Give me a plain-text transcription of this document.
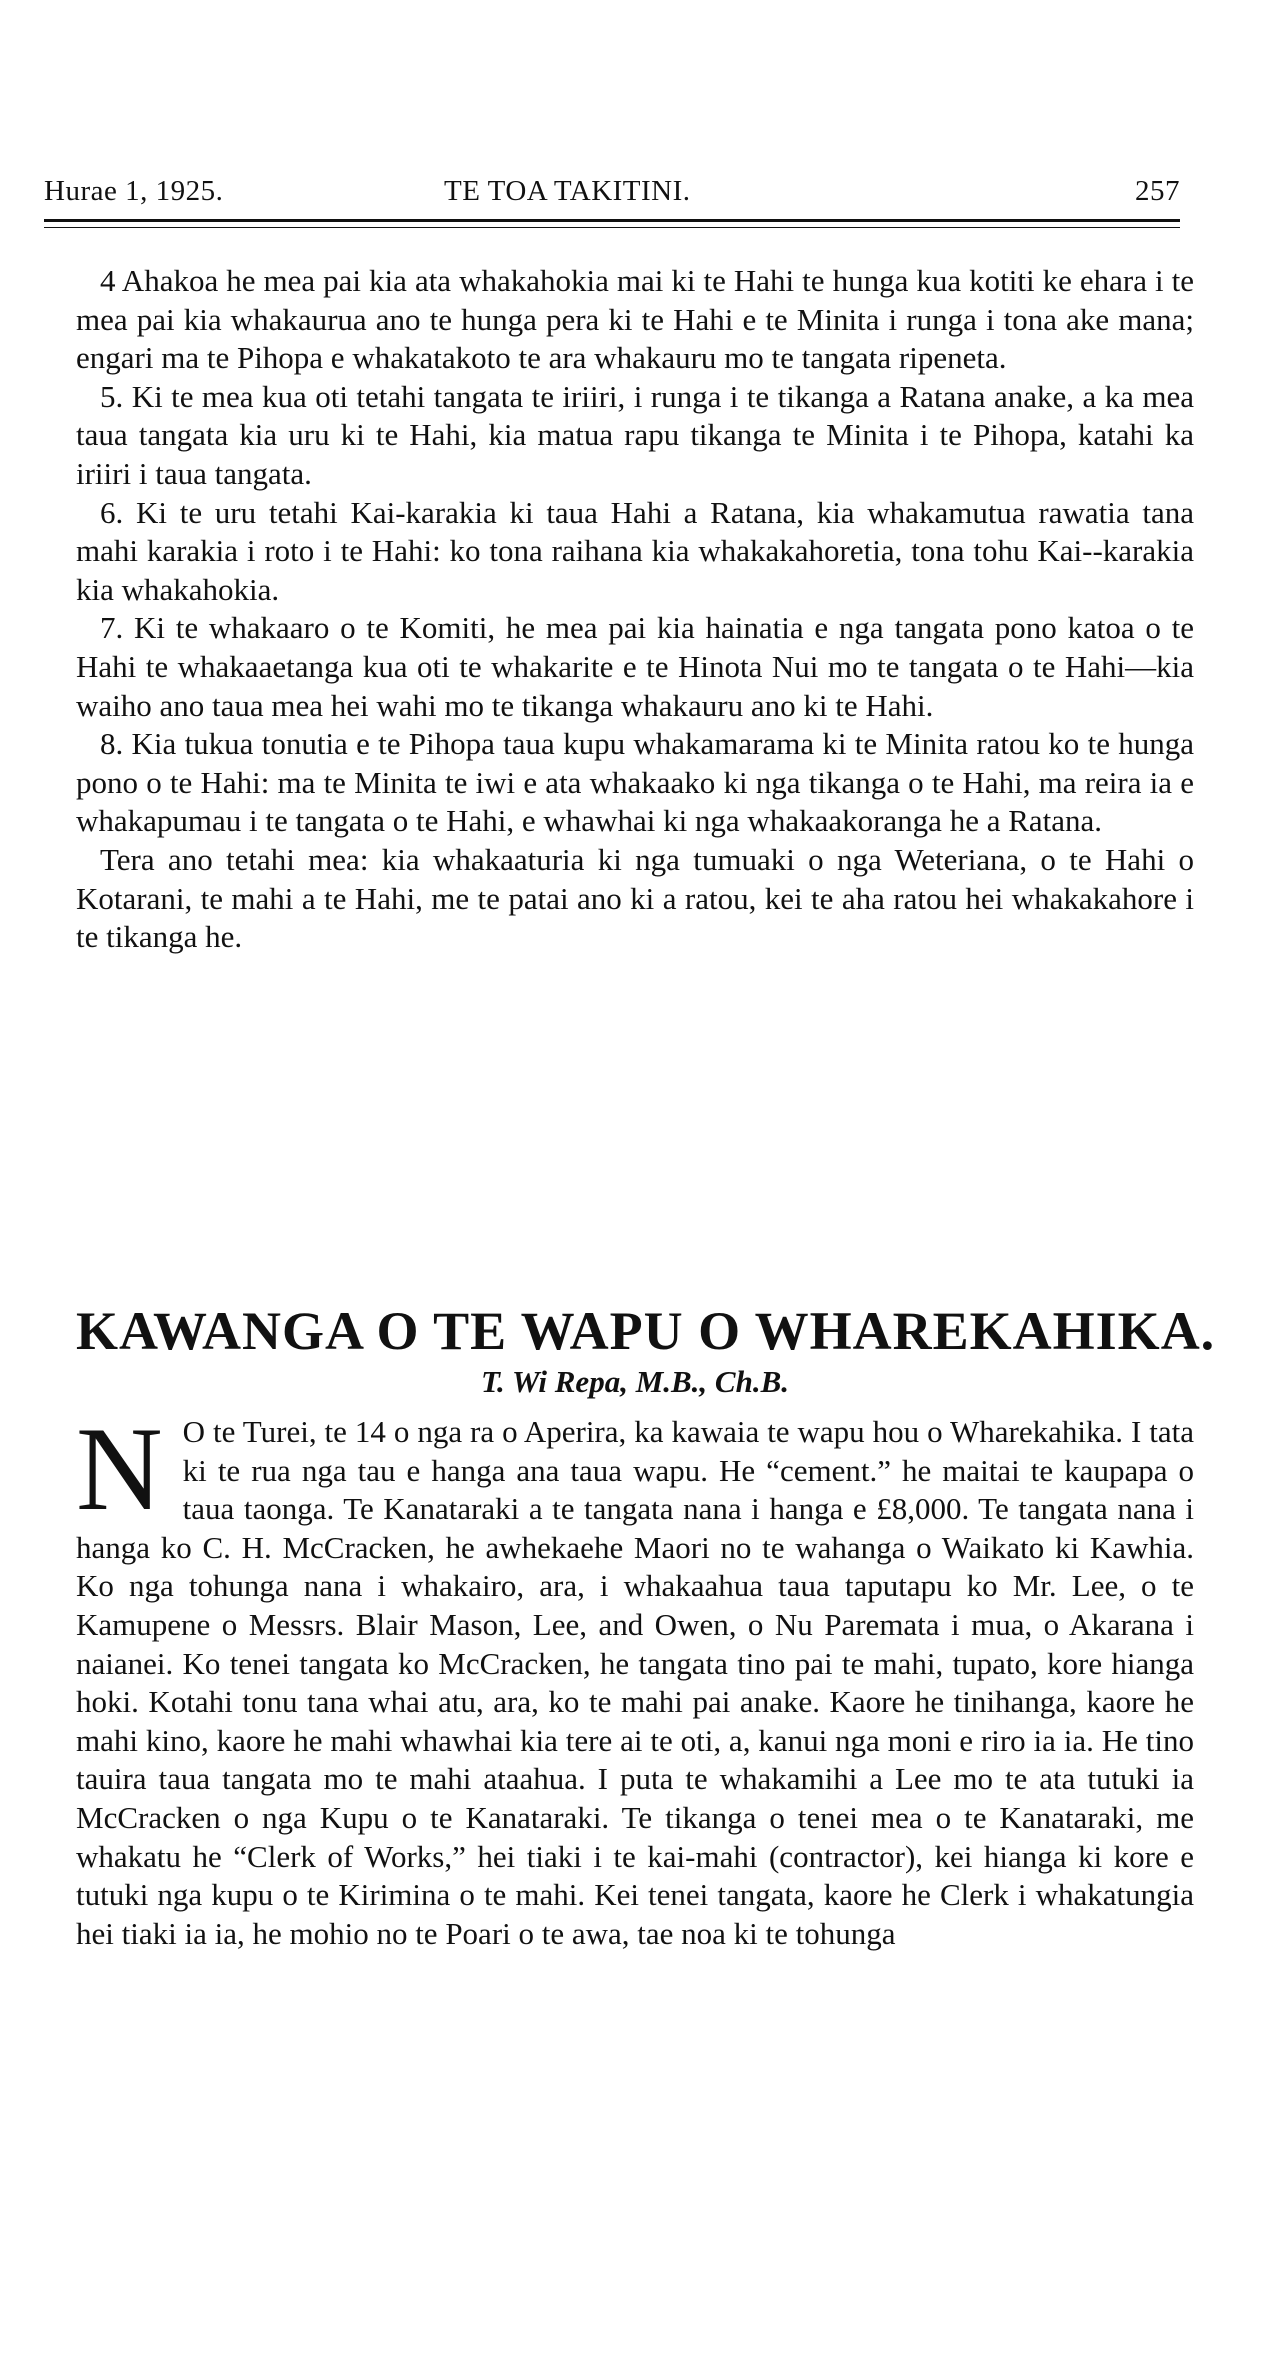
Hurae 1, 1925.	TE TOA TAKITINI.	257

4 Ahakoa he mea pai kia ata whakahokia mai ki te Hahi te hunga kua kotiti ke ehara i te mea pai kia whakaurua ano te hunga pera ki te Hahi e te Minita i runga i tona ake mana; engari ma te Pihopa e whakatakoto te ara whakauru mo te tangata ripeneta.

5. Ki te mea kua oti tetahi tangata te iriiri, i runga i te tikanga a Ratana anake, a ka mea taua tangata kia uru ki te Hahi, kia matua rapu tikanga te Minita i te Pihopa, katahi ka iriiri i taua tangata.

6. Ki te uru tetahi Kai-karakia ki taua Hahi a Ratana, kia whakamutua rawatia tana mahi karakia i roto i te Hahi: ko tona raihana kia whakakahoretia, tona tohu Kai--karakia kia whakahokia.

7. Ki te whakaaro o te Komiti, he mea pai kia hainatia e nga tangata pono katoa o te Hahi te whakaaetanga kua oti te whakarite e te Hinota Nui mo te tangata o te Hahi—kia waiho ano taua mea hei wahi mo te tikanga whakauru ano ki te Hahi.

8. Kia tukua tonutia e te Pihopa taua kupu whakamarama ki te Minita ratou ko te hunga pono o te Hahi: ma te Minita te iwi e ata whakaako ki nga tikanga o te Hahi, ma reira ia e whakapumau i te tangata o te Hahi, e whawhai ki nga whakaakoranga he a Ratana.

Tera ano tetahi mea: kia whakaaturia ki nga tumuaki o nga Weteriana, o te Hahi o Kotarani, te mahi a te Hahi, me te patai ano ki a ratou, kei te aha ratou hei whakakahore i te tikanga he.

KAWANGA O TE WAPU O WHAREKAHIKA.
T. Wi Repa, M.B., Ch.B.

N O te Turei, te 14 o nga ra o Aperira, ka kawaia te wapu hou o Wharekahika. I tata ki te rua nga tau e hanga ana taua wapu. He “cement.” he maitai te kaupapa o taua taonga. Te Kanataraki a te tangata nana i hanga e £8,000. Te tangata nana i hanga ko C. H. McCracken, he awhekaehe Maori no te wahanga o Waikato ki Kawhia. Ko nga tohunga nana i whakairo, ara, i whakaahua taua taputapu ko Mr. Lee, o te Kamupene o Messrs. Blair Mason, Lee, and Owen, o Nu Paremata i mua, o Akarana i naianei. Ko tenei tangata ko McCracken, he tangata tino pai te mahi, tupato, kore hianga hoki. Kotahi tonu tana whai atu, ara, ko te mahi pai anake. Kaore he tinihanga, kaore he mahi kino, kaore he mahi whawhai kia tere ai te oti, a, kanui nga moni e riro ia ia. He tino tauira taua tangata mo te mahi ataahua. I puta te whakamihi a Lee mo te ata tutuki ia McCracken o nga Kupu o te Kanataraki. Te tikanga o tenei mea o te Kanataraki, me whakatu he “Clerk of Works,” hei tiaki i te kai-mahi (contractor), kei hianga ki kore e tutuki nga kupu o te Kirimina o te mahi. Kei tenei tangata, kaore he Clerk i whakatungia hei tiaki ia ia, he mohio no te Poari o te awa, tae noa ki te tohunga
